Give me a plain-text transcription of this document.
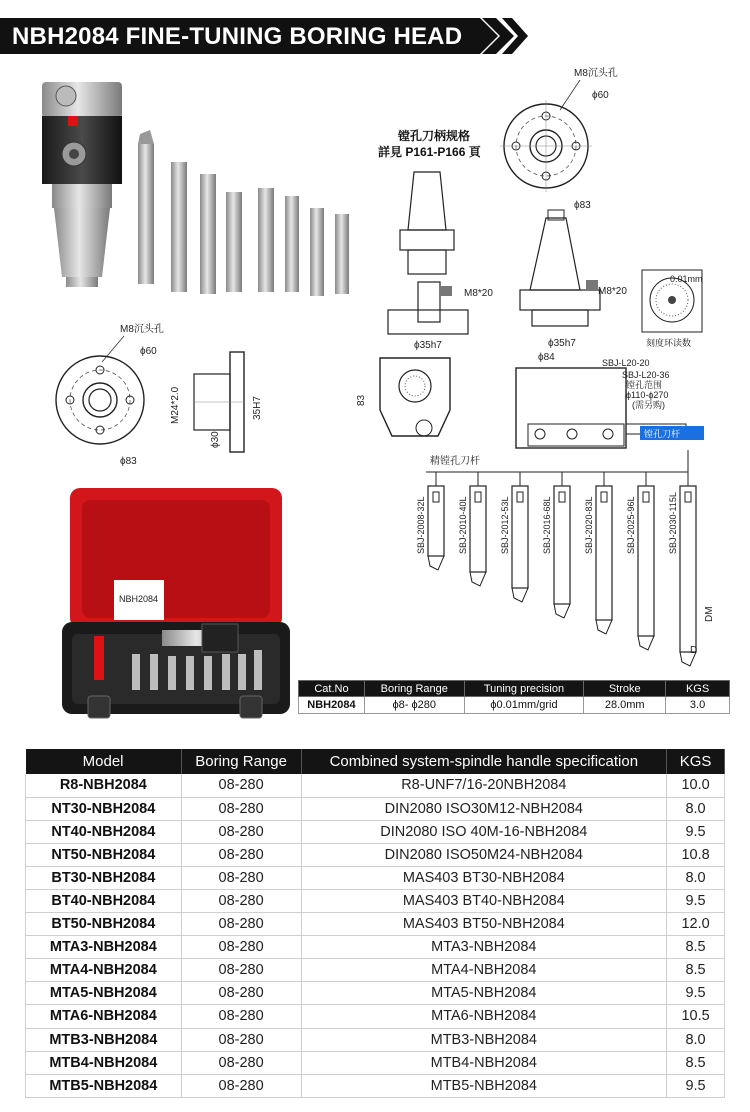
NBH2084 FINE-TUNING BORING HEAD
M8沉头孔
ϕ60
ϕ83
镗孔刀柄规格
詳見 P161-P166 頁
M8*20
ϕ35h7
M8*20
ϕ35h7
0.01mm
刻度环读数
M8沉头孔
ϕ60
ϕ83
M24*2.0	35H7
ϕ30
83
ϕ84	SBJ-L20-20
SBJ-L20-36
镗孔范围
ϕ110-ϕ270
(需另购)
镗孔刀杆
精镗孔刀杆
SBJ-2008-32L	SBJ-2010-40L	SBJ-2012-53L	SBJ-2016-68L	SBJ-2020-83L	SBJ-2025-96L	SBJ-2030-115L
D
DM
NBH2084
Cat.No	Boring Range	Tuning precision	Stroke	KGS
NBH2084	ϕ8- ϕ280	ϕ0.01mm/grid	28.0mm	3.0
Model	Boring Range	Combined system-spindle handle specification	KGS
R8-NBH2084	08-280	R8-UNF7/16-20NBH2084	10.0
NT30-NBH2084	08-280	DIN2080 ISO30M12-NBH2084	8.0
NT40-NBH2084	08-280	DIN2080 ISO 40M-16-NBH2084	9.5
NT50-NBH2084	08-280	DIN2080 ISO50M24-NBH2084	10.8
BT30-NBH2084	08-280	MAS403 BT30-NBH2084	8.0
BT40-NBH2084	08-280	MAS403 BT40-NBH2084	9.5
BT50-NBH2084	08-280	MAS403 BT50-NBH2084	12.0
MTA3-NBH2084	08-280	MTA3-NBH2084	8.5
MTA4-NBH2084	08-280	MTA4-NBH2084	8.5
MTA5-NBH2084	08-280	MTA5-NBH2084	9.5
MTA6-NBH2084	08-280	MTA6-NBH2084	10.5
MTB3-NBH2084	08-280	MTB3-NBH2084	8.0
MTB4-NBH2084	08-280	MTB4-NBH2084	8.5
MTB5-NBH2084	08-280	MTB5-NBH2084	9.5
